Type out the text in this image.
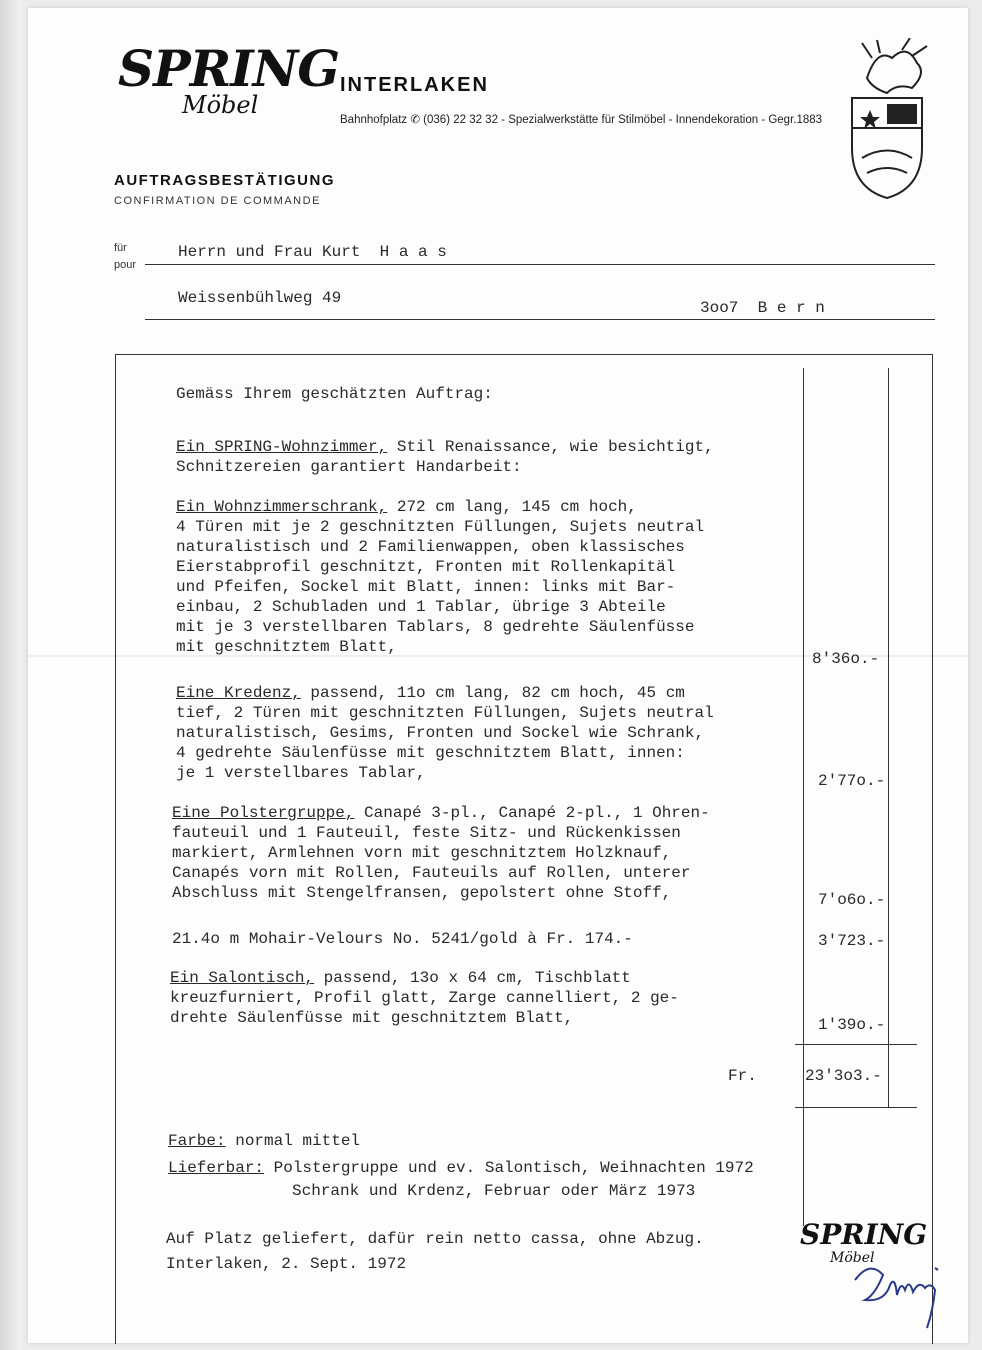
SPRING
Möbel
INTERLAKEN
Bahnhofplatz ✆ (036) 22 32 32 - Spezialwerkstätte für Stilmöbel - Innendekoration - Gegr.1883
AUFTRAGSBESTÄTIGUNG
CONFIRMATION DE COMMANDE
für
pour
Herrn und Frau Kurt  H a a s
Weissenbühlweg 49
3oo7  B e r n
Gemäss Ihrem geschätzten Auftrag:
Ein SPRING-Wohnzimmer, Stil Renaissance, wie besichtigt,
Schnitzereien garantiert Handarbeit:
Ein Wohnzimmerschrank, 272 cm lang, 145 cm hoch,
4 Türen mit je 2 geschnitzten Füllungen, Sujets neutral
naturalistisch und 2 Familienwappen, oben klassisches
Eierstabprofil geschnitzt, Fronten mit Rollenkapitäl
und Pfeifen, Sockel mit Blatt, innen: links mit Bar-
einbau, 2 Schubladen und 1 Tablar, übrige 3 Abteile
mit je 3 verstellbaren Tablars, 8 gedrehte Säulenfüsse
mit geschnitztem Blatt,
8'36o.-
Eine Kredenz, passend, 11o cm lang, 82 cm hoch, 45 cm
tief, 2 Türen mit geschnitzten Füllungen, Sujets neutral
naturalistisch, Gesims, Fronten und Sockel wie Schrank,
4 gedrehte Säulenfüsse mit geschnitztem Blatt, innen:
je 1 verstellbares Tablar,	2'77o.-
Eine Polstergruppe, Canapé 3-pl., Canapé 2-pl., 1 Ohren-
fauteuil und 1 Fauteuil, feste Sitz- und Rückenkissen
markiert, Armlehnen vorn mit geschnitztem Holzknauf,
Canapés vorn mit Rollen, Fauteuils auf Rollen, unterer
Abschluss mit Stengelfransen, gepolstert ohne Stoff,	7'o6o.-
21.4o m Mohair-Velours No. 5241/gold à Fr. 174.-	3'723.-
Ein Salontisch, passend, 13o x 64 cm, Tischblatt
kreuzfurniert, Profil glatt, Zarge cannelliert, 2 ge-
drehte Säulenfüsse mit geschnitztem Blatt,	1'39o.-
Fr.	23'3o3.-
Farbe: normal mittel
Lieferbar: Polstergruppe und ev. Salontisch, Weihnachten 1972
Schrank und Krdenz, Februar oder März 1973
Auf Platz geliefert, dafür rein netto cassa, ohne Abzug.
Interlaken, 2. Sept. 1972
SPRING
Möbel
